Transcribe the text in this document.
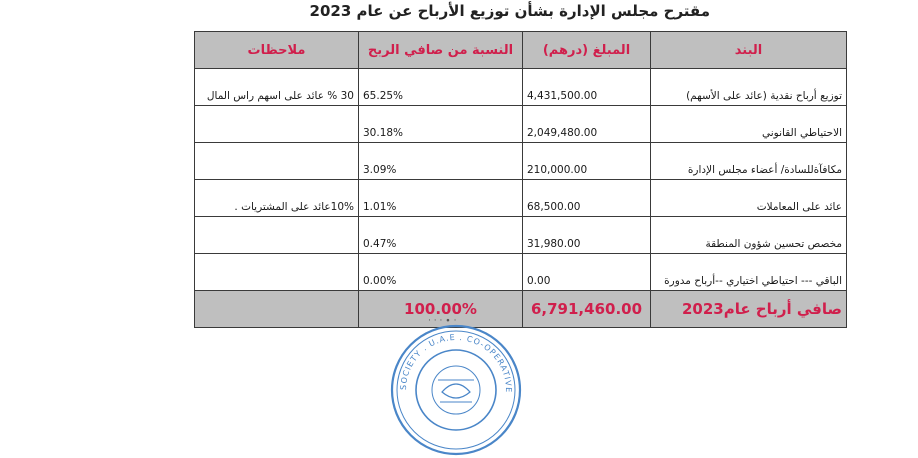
مقترح مجلس الإدارة بشأن توزيع الأرباح عن عام 2023
البند	المبلغ (درهم)	النسبة من صافي الربح	ملاحظات
توزيع أرباح نقدية (عائد على الأسهم)	4,431,500.00	65.25%	30 % عائد على اسهم راس المال
الاحتياطي القانوني	2,049,480.00	30.18%	
مكافآةللسادة/ أعضاء مجلس الإدارة	210,000.00	3.09%	
عائد على المعاملات	68,500.00	1.01%	10%عائد على المشتريات .
مخصص تحسين شؤون المنطقة	31,980.00	0.47%	
الباقي --- احتياطي اختياري --أرباح مدورة	0.00	0.00%	
صافي أرباح عام2023	6,791,460.00	100.00%	
· · · ∙ ·
SOCIETY . U.A.E . CO-OPERATIVE
